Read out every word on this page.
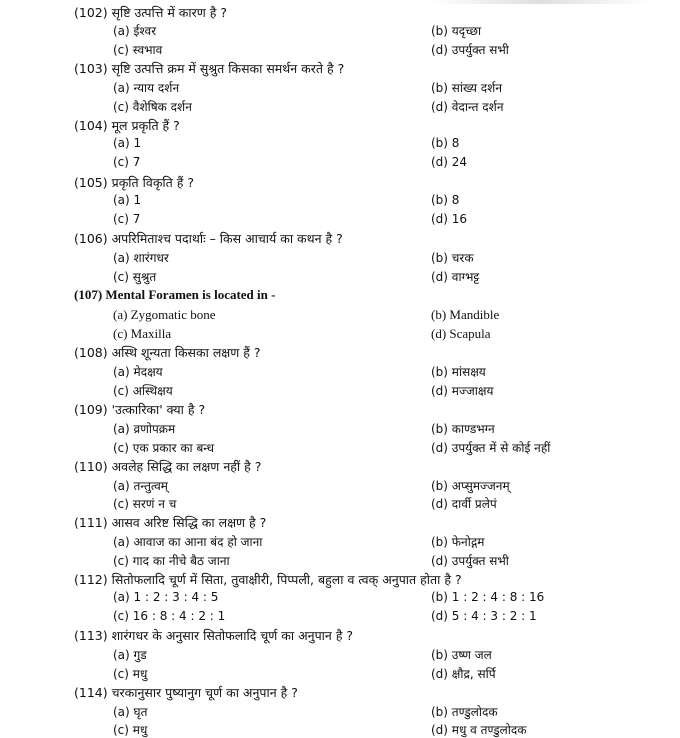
(102) सृष्टि उत्पत्ति में कारण है ?
(a) ईश्वर	(b) यदृच्छा
(c) स्वभाव	(d) उपर्युक्त सभी
(103) सृष्टि उत्पत्ति क्रम में सुश्रुत किसका समर्थन करते है ?
(a) न्याय दर्शन	(b) सांख्य दर्शन
(c) वैशेषिक दर्शन	(d) वेदान्त दर्शन
(104) मूल प्रकृति हैं ?
(a) 1	(b) 8
(c) 7	(d) 24
(105) प्रकृति विकृति हैं ?
(a) 1	(b) 8
(c) 7	(d) 16
(106) अपरिमिताश्च पदार्थाः – किस आचार्य का कथन है ?
(a) शारंगधर	(b) चरक
(c) सुश्रुत	(d) वाग्भट्ट
(107) Mental Foramen is located in -
(a) Zygomatic bone	(b) Mandible
(c) Maxilla	(d) Scapula
(108) अस्थि शून्यता किसका लक्षण हैं ?
(a) मेदक्षय	(b) मांसक्षय
(c) अस्थिक्षय	(d) मज्जाक्षय
(109) 'उत्कारिका' क्या है ?
(a) व्रणोपक्रम	(b) काण्डभग्न
(c) एक प्रकार का बन्ध	(d) उपर्युक्त में से कोई नहीं
(110) अवलेह सिद्धि का लक्षण नहीं है ?
(a) तन्तुत्वम्	(b) अप्सुमज्जनम्
(c) सरणं न च	(d) दार्वी प्रलेपं
(111) आसव अरिष्ट सिद्धि का लक्षण है ?
(a) आवाज का आना बंद हो जाना	(b) फेनोद्गम
(c) गाद का नीचे बैठ जाना	(d) उपर्युक्त सभी
(112) सितोफलादि चूर्ण में सिता, तुवाक्षीरी, पिप्पली, बहुला व त्वक् अनुपात होता है ?
(a) 1 : 2 : 3 : 4 : 5	(b) 1 : 2 : 4 : 8 : 16
(c) 16 : 8 : 4 : 2 : 1	(d) 5 : 4 : 3 : 2 : 1
(113) शारंगधर के अनुसार सितोफलादि चूर्ण का अनुपान है ?
(a) गुड	(b) उष्ण जल
(c) मधु	(d) क्षौद्र, सर्पि
(114) चरकानुसार पुष्यानुग चूर्ण का अनुपान है ?
(a) घृत	(b) तण्डुलोदक
(c) मधु	(d) मधु व तण्डुलोदक
